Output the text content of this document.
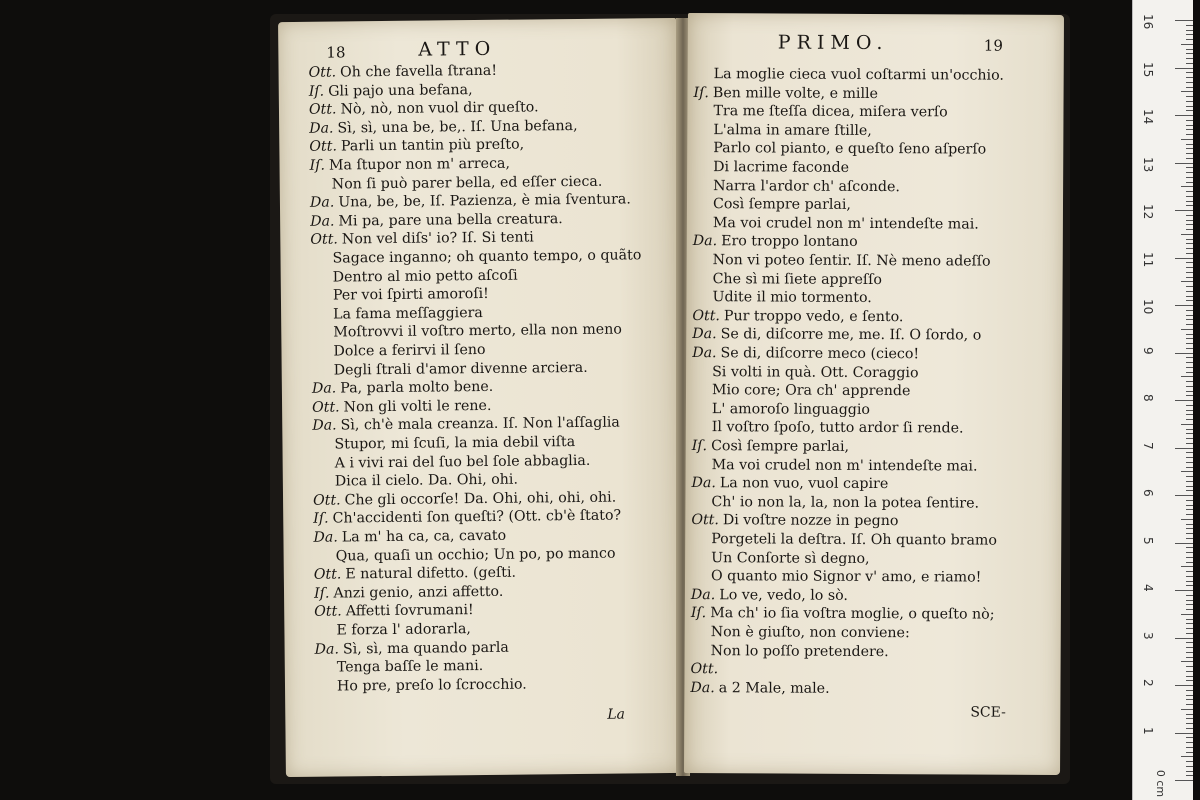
18	ATTO
Ott. Oh che favella ſtrana!
Iſ. Gli pajo una befana,
Ott. Nò, nò, non vuol dir queſto.
Da. Sì, sì, una be, be,. Iſ. Una befana,
Ott. Parli un tantin più preſto,
Iſ. Ma ſtupor non m' arreca,
Non ſi può parer bella, ed eſſer cieca.
Da. Una, be, be, Iſ. Pazienza, è mia ſventura.
Da. Mi pa, pare una bella creatura.
Ott. Non vel diſs' io? Iſ. Si tenti
Sagace inganno; oh quanto tempo, o quãto
Dentro al mio petto aſcoſi
Per voi ſpirti amoroſi!
La fama meſſaggiera
Moſtrovvi il voſtro merto, ella non meno
Dolce a ferirvi il ſeno
Degli ſtrali d'amor divenne arciera.
Da. Pa, parla molto bene.
Ott. Non gli volti le rene.
Da. Sì, ch'è mala creanza. Iſ. Non l'aſſaglia
Stupor, mi ſcuſi, la mia debil viſta
A i vivi rai del ſuo bel ſole abbaglia.
Dica il cielo. Da. Ohi, ohi.
Ott. Che gli occorſe! Da. Ohi, ohi, ohi, ohi.
Iſ. Ch'accidenti ſon queſti? (Ott. cb'è ſtato?
Da. La m' ha ca, ca, cavato
Qua, quaſi un occhio; Un po, po manco
Ott. E natural difetto. (geſti.
Iſ. Anzi genio, anzi affetto.
Ott. Affetti ſovrumani!
E forza l' adorarla,
Da. Sì, sì, ma quando parla
Tenga baſſe le mani.
Ho pre, preſo lo ſcrocchio.
La
PRIMO.	19
La moglie cieca vuol coſtarmi un'occhio.
Iſ. Ben mille volte, e mille
Tra me ſteſſa dicea, miſera verſo
L'alma in amare ſtille,
Parlo col pianto, e queſto ſeno aſperſo
Di lacrime faconde
Narra l'ardor ch' aſconde.
Così ſempre parlai,
Ma voi crudel non m' intendeſte mai.
Da. Ero troppo lontano
Non vi poteo ſentir. Iſ. Nè meno adeſſo
Che sì mi ſiete appreſſo
Udite il mio tormento.
Ott. Pur troppo vedo, e ſento.
Da. Se di, diſcorre me, me. Iſ. O ſordo, o
Da. Se di, diſcorre meco (cieco!
Si volti in quà. Ott. Coraggio
Mio core; Ora ch' apprende
L' amoroſo linguaggio
Il voſtro ſpoſo, tutto ardor ſi rende.
Iſ. Così ſempre parlai,
Ma voi crudel non m' intendeſte mai.
Da. La non vuo, vuol capire
Ch' io non la, la, non la potea ſentire.
Ott. Di voſtre nozze in pegno
Porgeteli la deſtra. Iſ. Oh quanto bramo
Un Conſorte sì degno,
O quanto mio Signor v' amo, e riamo!
Da. Lo ve, vedo, lo sò.
Iſ. Ma ch' io ſia voſtra moglie, o queſto nò;
Non è giuſto, non conviene:
Non lo poſſo pretendere.
Ott.
Da. a 2 Male, male.
SCE-
0 cm
16
15
14
13
12
11
10
9
8
7
6
5
4
3
2
1
